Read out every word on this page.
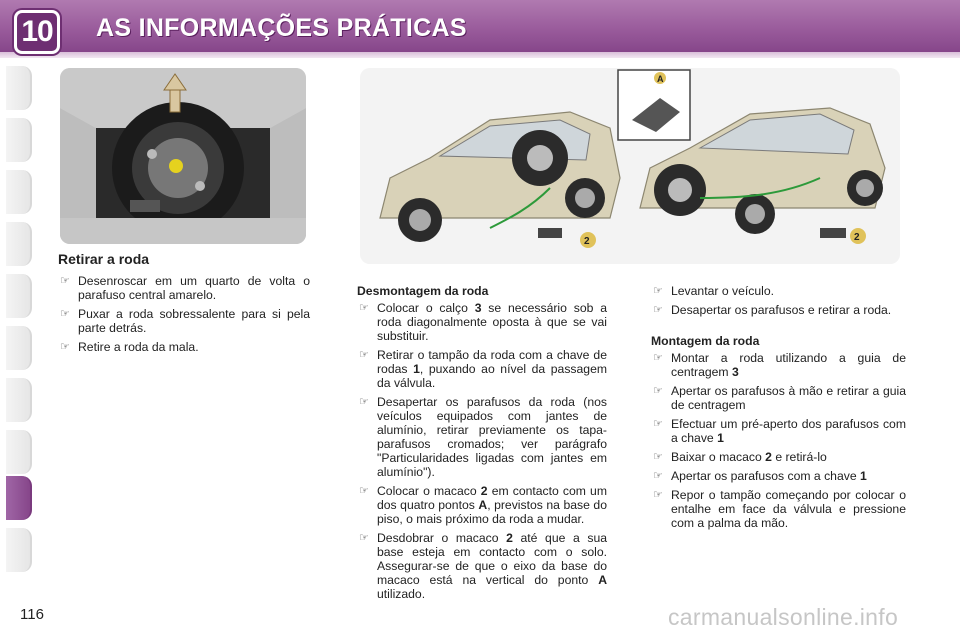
10 AS INFORMAÇÕES PRÁTICAS
A
2	2
Retirar a roda
☞ Desenroscar em um quarto de volta o parafuso central amarelo.
☞ Puxar a roda sobressalente para si pela parte detrás.
☞ Retire a roda da mala.
Desmontagem da roda
☞ Colocar o calço 3 se necessário sob a roda diagonalmente oposta à que se vai substituir.
☞ Retirar o tampão da roda com a chave de rodas 1, puxando ao nível da passagem da válvula.
☞ Desapertar os parafusos da roda (nos veículos equipados com jantes de alumínio, retirar previamente os tapa-parafusos cromados; ver parágrafo "Particularidades ligadas com jantes em alumínio").
☞ Colocar o macaco 2 em contacto com um dos quatro pontos A, previstos na base do piso, o mais próximo da roda a mudar.
☞ Desdobrar o macaco 2 até que a sua base esteja em contacto com o solo. Assegurar-se de que o eixo da base do macaco está na vertical do ponto A utilizado.
☞ Levantar o veículo.
☞ Desapertar os parafusos e retirar a roda.
Montagem da roda
☞ Montar a roda utilizando a guia de centragem 3
☞ Apertar os parafusos à mão e retirar a guia de centragem
☞ Efectuar um pré-aperto dos parafusos com a chave 1
☞ Baixar o macaco 2 e retirá-lo
☞ Apertar os parafusos com a chave 1
☞ Repor o tampão começando por colocar o entalhe em face da válvula e pressione com a palma da mão.
116	carmanualsonline.info
